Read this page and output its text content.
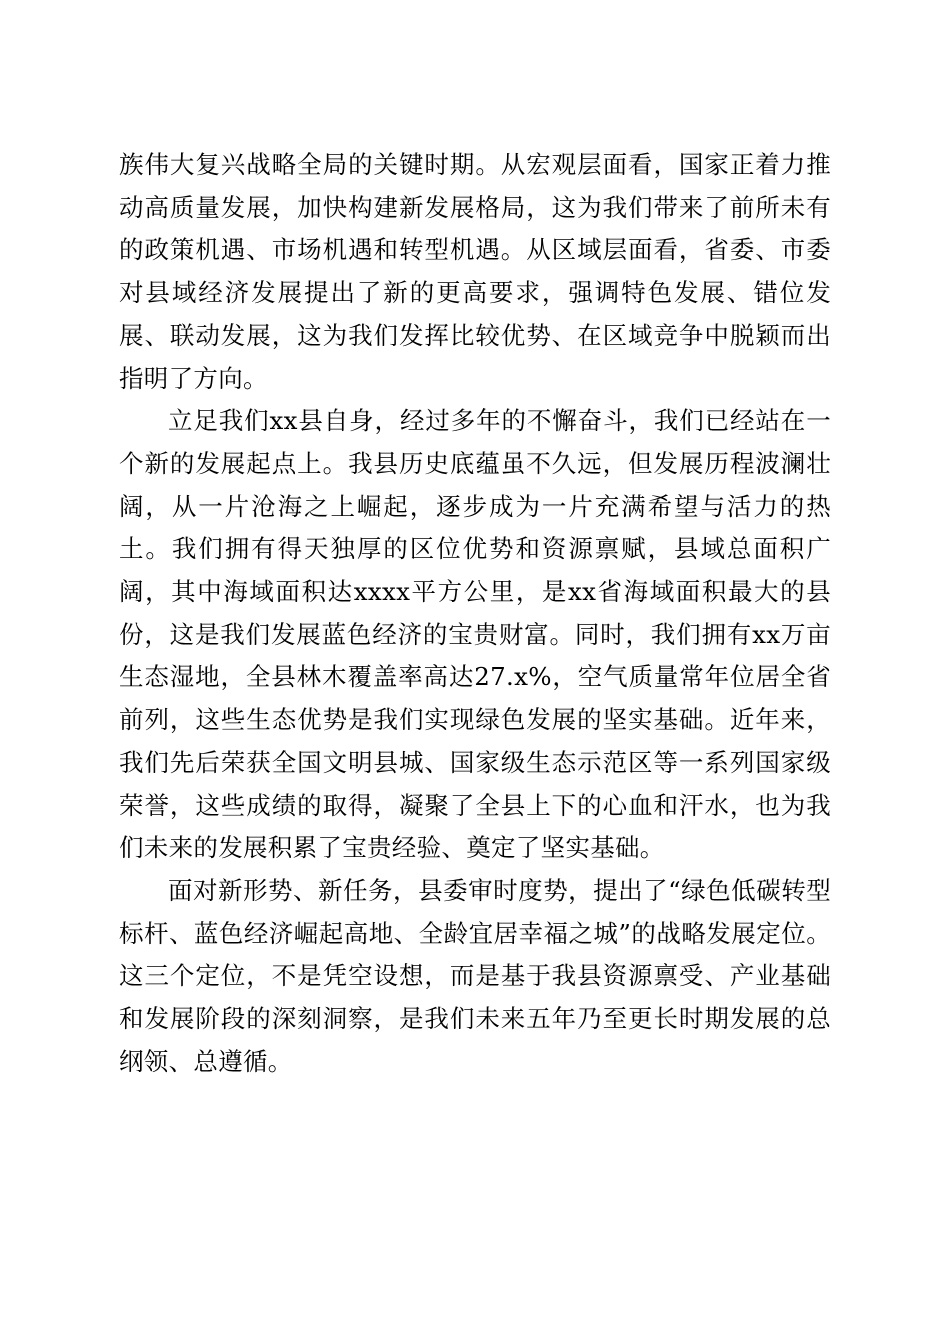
族伟大复兴战略全局的关键时期。从宏观层面看，国家正着力推动高质量发展，加快构建新发展格局，这为我们带来了前所未有的政策机遇、市场机遇和转型机遇。从区域层面看，省委、市委对县域经济发展提出了新的更高要求，强调特色发展、错位发展、联动发展，这为我们发挥比较优势、在区域竞争中脱颖而出指明了方向。

立足我们xx县自身，经过多年的不懈奋斗，我们已经站在一个新的发展起点上。我县历史底蕴虽不久远，但发展历程波澜壮阔，从一片沧海之上崛起，逐步成为一片充满希望与活力的热土。我们拥有得天独厚的区位优势和资源禀赋，县域总面积广阔，其中海域面积达xxxx平方公里，是xx省海域面积最大的县份，这是我们发展蓝色经济的宝贵财富。同时，我们拥有xx万亩生态湿地，全县林木覆盖率高达27.x%，空气质量常年位居全省前列，这些生态优势是我们实现绿色发展的坚实基础。近年来，我们先后荣获全国文明县城、国家级生态示范区等一系列国家级荣誉，这些成绩的取得，凝聚了全县上下的心血和汗水，也为我们未来的发展积累了宝贵经验、奠定了坚实基础。

面对新形势、新任务，县委审时度势，提出了“绿色低碳转型标杆、蓝色经济崛起高地、全龄宜居幸福之城”的战略发展定位。这三个定位，不是凭空设想，而是基于我县资源禀受、产业基础和发展阶段的深刻洞察，是我们未来五年乃至更长时期发展的总纲领、总遵循。
